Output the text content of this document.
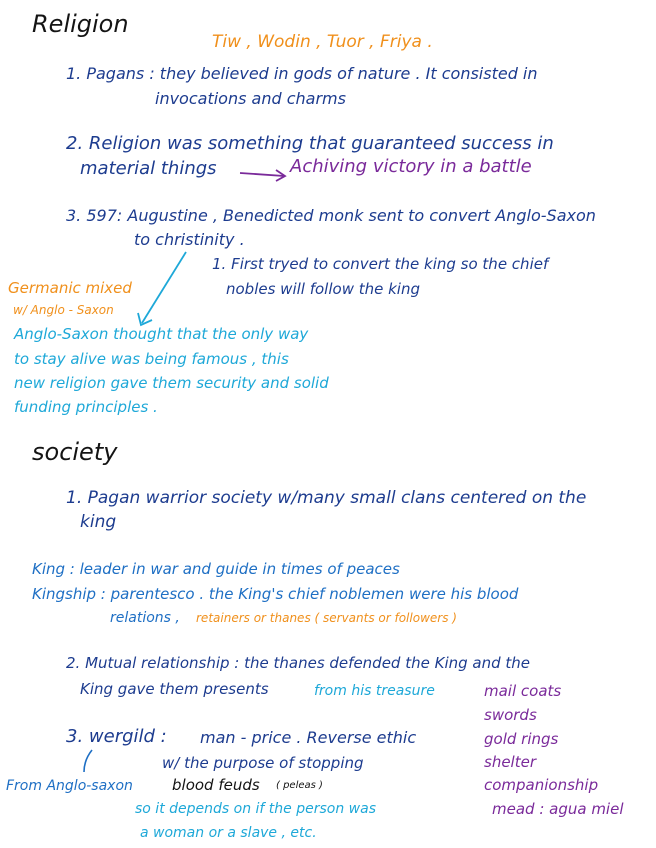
Religion
Tiw , Wodin , Tuor , Friya .
1. Pagans : they believed in gods of nature . It consisted in
invocations and charms
2. Religion was something that guaranteed success in
material things	Achiving victory in a battle
3. 597: Augustine , Benedicted monk sent to convert Anglo-Saxon
to christinity .
1. First tryed to convert the king so the chief
nobles will follow the king
Germanic mixed
w/ Anglo - Saxon
Anglo-Saxon thought that the only way
to stay alive was being famous , this
new religion gave them security and solid
funding principles .
society
1. Pagan warrior society w/many small clans centered on the
king
King : leader in war and guide in times of peaces
Kingship : parentesco . the King's chief noblemen were his blood
relations , retainers or thanes ( servants or followers )
2. Mutual relationship : the thanes defended the King and the
King gave them presents	from his treasure	mail coats
swords
gold rings
shelter
companionship
mead : agua miel
3. wergild : man - price . Reverse ethic
w/ the purpose of stopping
blood feuds ( peleas )
From Anglo-saxon
so it depends on if the person was
a woman or a slave , etc.
